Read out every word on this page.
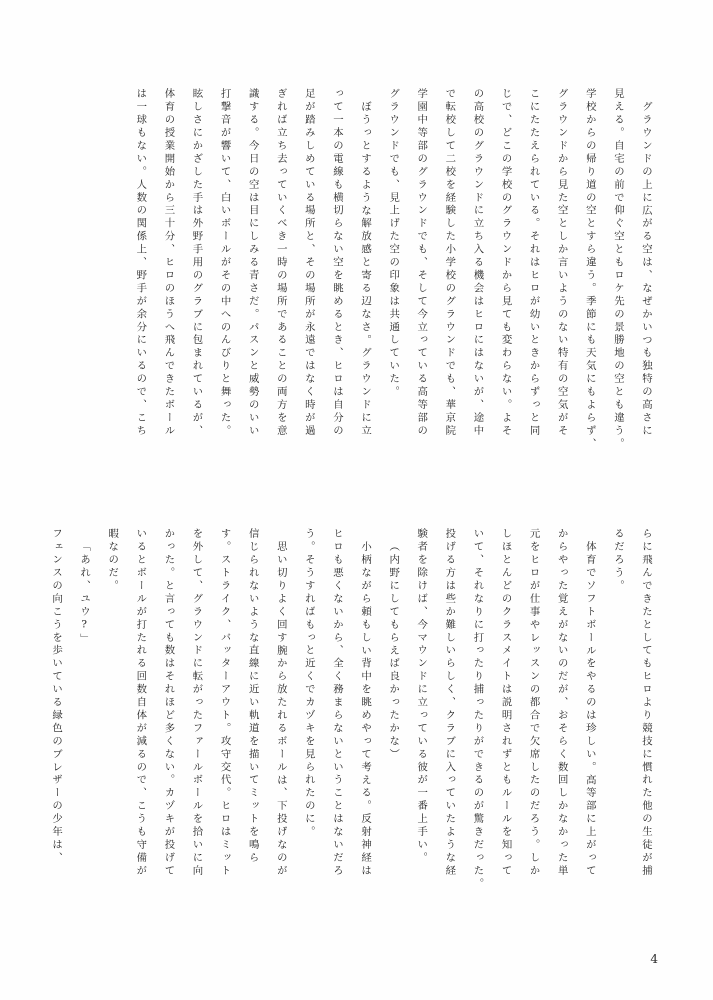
グラウンドの上に広がる空は、なぜかいつも独特の高さに見える。自宅の前で仰ぐ空ともロケ先の景勝地の空とも違う。学校からの帰り道の空とすら違う。季節にも天気にもよらず、グラウンドから見た空としか言いようのない特有の空気がそこにたたえられている。それはヒロが幼いときからずっと同じで、どこの学校のグラウンドから見ても変わらない。よその高校のグラウンドに立ち入る機会はヒロにはないが、途中で転校して二校を経験した小学校のグラウンドでも、華京院学園中等部のグラウンドでも、そして今立っている高等部のグラウンドでも、見上げた空の印象は共通していた。ぼうっとするような解放感と寄る辺なさ。グラウンドに立って一本の電線も横切らない空を眺めるとき、ヒロは自分の足が踏みしめている場所と、その場所が永遠ではなく時が過ぎれば立ち去っていくべき一時の場所であることの両方を意識する。今日の空は目にしみる青さだ。パスンと威勢のいい打撃音が響いて、白いボールがその中へのんびりと舞った。眩しさにかざした手は外野手用のグラブに包まれているが、体育の授業開始から三十分、ヒロのほうへ飛んできたボールは一球もない。人数の関係上、野手が余分にいるので、こち
らに飛んできたとしてもヒロより競技に慣れた他の生徒が捕るだろう。体育でソフトボールをやるのは珍しい。高等部に上がってからやった覚えがないのだが、おそらく数回しかなかった単元をヒロが仕事やレッスンの都合で欠席したのだろう。しかしほとんどのクラスメイトは説明されずともルールを知っていて、それなりに打ったり捕ったりができるのが驚きだった。投げる方は些か難しいらしく、クラブに入っていたような経験者を除けば、今マウンドに立っている彼が一番上手い。（内野にしてもらえば良かったかな）小柄ながら頼もしい背中を眺めやって考える。反射神経はヒロも悪くないから、全く務まらないということはないだろう。そうすればもっと近くでカヅキを見られたのに。思い切りよく回す腕から放たれるボールは、下投げなのが信じられないような直線に近い軌道を描いてミットを鳴らす。ストライク、バッターアウト。攻守交代。ヒロはミットを外して、グラウンドに転がったファールボールを拾いに向かった。と言っても数はそれほど多くない。カヅキが投げているとボールが打たれる回数自体が減るので、こうも守備が暇なのだ。「あれ、ユウ?」フェンスの向こうを歩いている緑色のブレザーの少年は、
4
